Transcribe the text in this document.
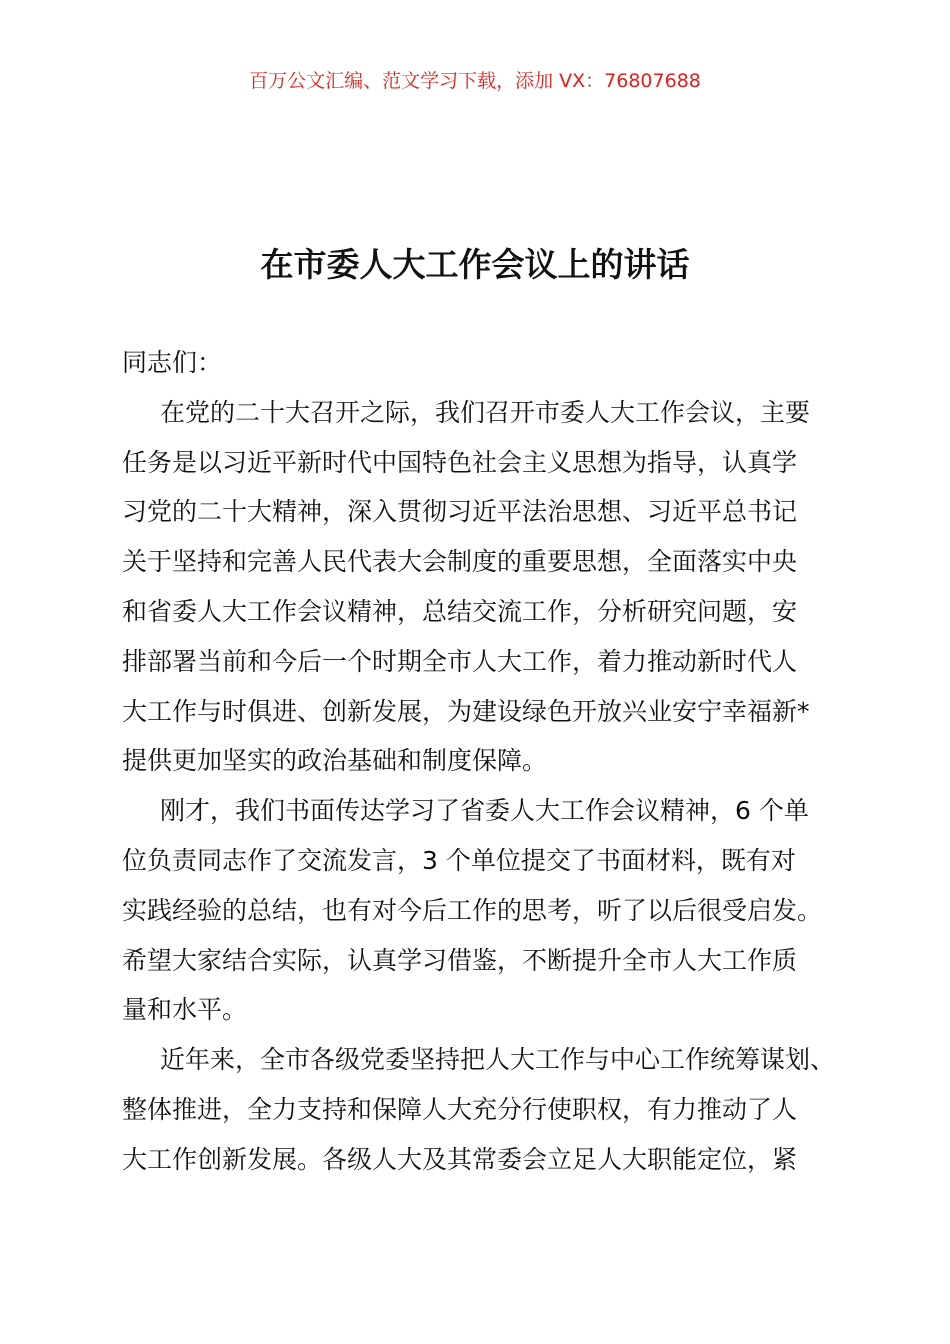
百万公文汇编、范文学习下载，添加 VX：76807688
在市委人大工作会议上的讲话
同志们：
在党的二十大召开之际，我们召开市委人大工作会议，主要
任务是以习近平新时代中国特色社会主义思想为指导，认真学
习党的二十大精神，深入贯彻习近平法治思想、习近平总书记
关于坚持和完善人民代表大会制度的重要思想，全面落实中央
和省委人大工作会议精神，总结交流工作，分析研究问题，安
排部署当前和今后一个时期全市人大工作，着力推动新时代人
大工作与时俱进、创新发展，为建设绿色开放兴业安宁幸福新*
提供更加坚实的政治基础和制度保障。
刚才，我们书面传达学习了省委人大工作会议精神，6 个单
位负责同志作了交流发言，3 个单位提交了书面材料，既有对
实践经验的总结，也有对今后工作的思考，听了以后很受启发。
希望大家结合实际，认真学习借鉴，不断提升全市人大工作质
量和水平。
近年来，全市各级党委坚持把人大工作与中心工作统筹谋划、
整体推进，全力支持和保障人大充分行使职权，有力推动了人
大工作创新发展。各级人大及其常委会立足人大职能定位，紧
